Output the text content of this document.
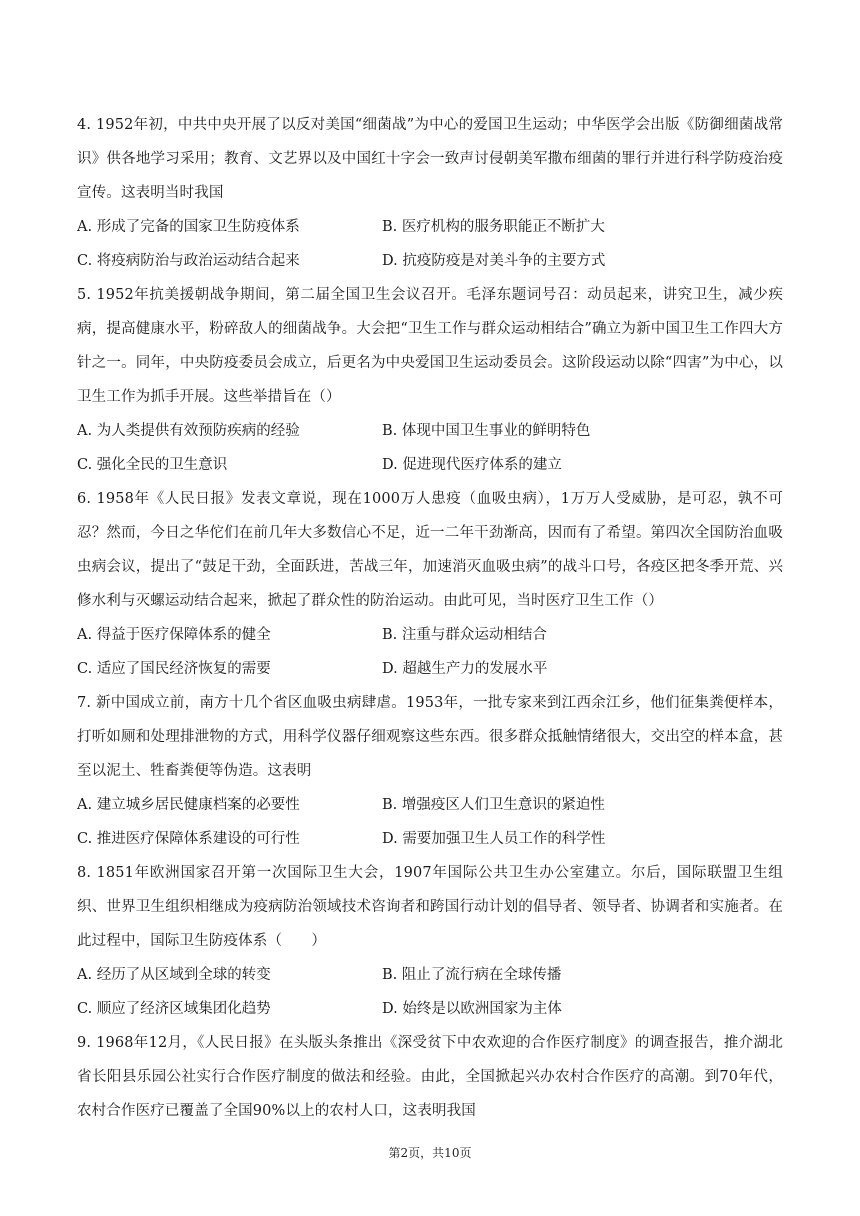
4. 1952年初，中共中央开展了以反对美国“细菌战”为中心的爱国卫生运动；中华医学会出版《防御细菌战常识》供各地学习采用；教育、文艺界以及中国红十字会一致声讨侵朝美军撒布细菌的罪行并进行科学防疫治疫宣传。这表明当时我国

A. 形成了完备的国家卫生防疫体系	B. 医疗机构的服务职能正不断扩大
C. 将疫病防治与政治运动结合起来	D. 抗疫防疫是对美斗争的主要方式

5. 1952年抗美援朝战争期间，第二届全国卫生会议召开。毛泽东题词号召：动员起来，讲究卫生，减少疾病，提高健康水平，粉碎敌人的细菌战争。大会把“卫生工作与群众运动相结合”确立为新中国卫生工作四大方针之一。同年，中央防疫委员会成立，后更名为中央爱国卫生运动委员会。这阶段运动以除“四害”为中心，以卫生工作为抓手开展。这些举措旨在（）

A. 为人类提供有效预防疾病的经验	B. 体现中国卫生事业的鲜明特色
C. 强化全民的卫生意识	D. 促进现代医疗体系的建立

6. 1958年《人民日报》发表文章说，现在1000万人患疫（血吸虫病），1万万人受威胁，是可忍，孰不可忍？然而，今日之华佗们在前几年大多数信心不足，近一二年干劲渐高，因而有了希望。第四次全国防治血吸虫病会议，提出了“鼓足干劲，全面跃进，苦战三年，加速消灭血吸虫病”的战斗口号，各疫区把冬季开荒、兴修水利与灭螺运动结合起来，掀起了群众性的防治运动。由此可见，当时医疗卫生工作（）

A. 得益于医疗保障体系的健全	B. 注重与群众运动相结合
C. 适应了国民经济恢复的需要	D. 超越生产力的发展水平

7. 新中国成立前，南方十几个省区血吸虫病肆虐。1953年，一批专家来到江西余江乡，他们征集粪便样本，打听如厕和处理排泄物的方式，用科学仪器仔细观察这些东西。很多群众抵触情绪很大，交出空的样本盒，甚至以泥土、牲畜粪便等伪造。这表明

A. 建立城乡居民健康档案的必要性	B. 增强疫区人们卫生意识的紧迫性
C. 推进医疗保障体系建设的可行性	D. 需要加强卫生人员工作的科学性

8. 1851年欧洲国家召开第一次国际卫生大会，1907年国际公共卫生办公室建立。尔后，国际联盟卫生组织、世界卫生组织相继成为疫病防治领域技术咨询者和跨国行动计划的倡导者、领导者、协调者和实施者。在此过程中，国际卫生防疫体系（　　）

A. 经历了从区域到全球的转变	B. 阻止了流行病在全球传播
C. 顺应了经济区域集团化趋势	D. 始终是以欧洲国家为主体

9. 1968年12月，《人民日报》在头版头条推出《深受贫下中农欢迎的合作医疗制度》的调查报告，推介湖北省长阳县乐园公社实行合作医疗制度的做法和经验。由此，全国掀起兴办农村合作医疗的高潮。到70年代，农村合作医疗已覆盖了全国90%以上的农村人口，这表明我国

第2页，共10页
